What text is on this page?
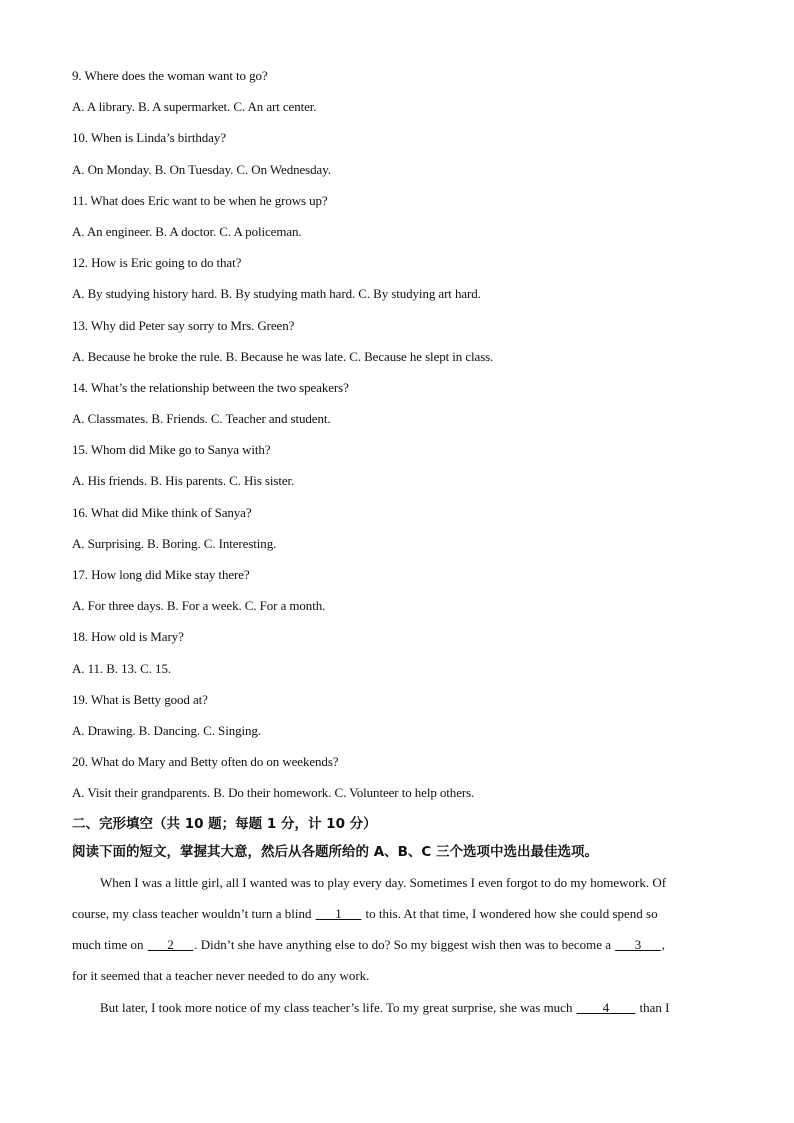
9. Where does the woman want to go?
A. A library. B. A supermarket. C. An art center.
10. When is Linda’s birthday?
A. On Monday. B. On Tuesday. C. On Wednesday.
11. What does Eric want to be when he grows up?
A. An engineer. B. A doctor. C. A policeman.
12. How is Eric going to do that?
A. By studying history hard. B. By studying math hard. C. By studying art hard.
13. Why did Peter say sorry to Mrs. Green?
A. Because he broke the rule. B. Because he was late. C. Because he slept in class.
14. What’s the relationship between the two speakers?
A. Classmates. B. Friends. C. Teacher and student.
15. Whom did Mike go to Sanya with?
A. His friends. B. His parents. C. His sister.
16. What did Mike think of Sanya?
A. Surprising. B. Boring. C. Interesting.
17. How long did Mike stay there?
A. For three days. B. For a week. C. For a month.
18. How old is Mary?
A. 11. B. 13. C. 15.
19. What is Betty good at?
A. Drawing. B. Dancing. C. Singing.
20. What do Mary and Betty often do on weekends?
A. Visit their grandparents. B. Do their homework. C. Volunteer to help others.
二、完形填空（共 10 题；每题 1 分，计 10 分）
阅读下面的短文，掌握其大意，然后从各题所给的 A、B、C 三个选项中选出最佳选项。
When I was a little girl, all I wanted was to play every day. Sometimes I even forgot to do my homework. Of
course, my class teacher wouldn’t turn a blind ___1___ to this. At that time, I wondered how she could spend so
much time on ___2___. Didn’t she have anything else to do? So my biggest wish then was to become a ___3___,
for it seemed that a teacher never needed to do any work.
But later, I took more notice of my class teacher’s life. To my great surprise, she was much ____4____ than I
